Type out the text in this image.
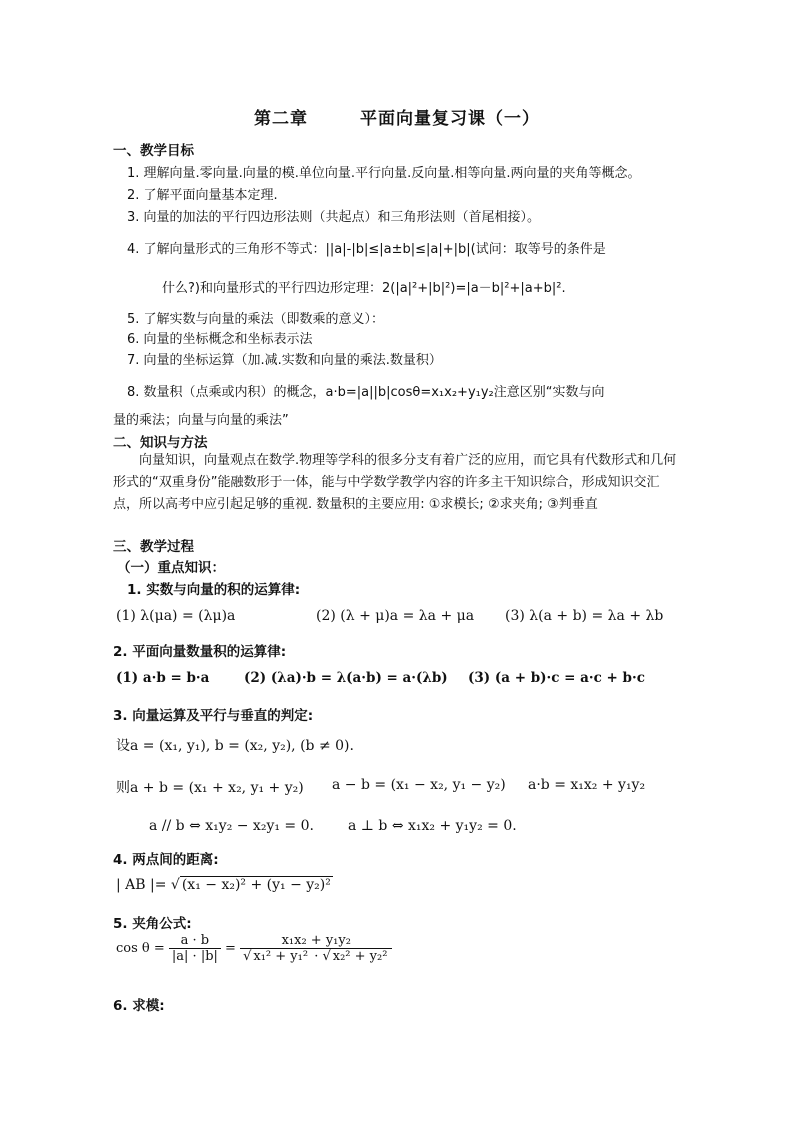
第二章	平面向量复习课（一）
一、教学目标
1. 理解向量.零向量.向量的模.单位向量.平行向量.反向量.相等向量.两向量的夹角等概念。
2. 了解平面向量基本定理.
3. 向量的加法的平行四边形法则（共起点）和三角形法则（首尾相接）。
4. 了解向量形式的三角形不等式：||a|-|b|≤|a±b|≤|a|+|b|(试问：取等号的条件是
什么?)和向量形式的平行四边形定理：2(|a|²+|b|²)=|a－b|²+|a+b|².
5. 了解实数与向量的乘法（即数乘的意义）：
6. 向量的坐标概念和坐标表示法
7. 向量的坐标运算（加.减.实数和向量的乘法.数量积）
8. 数量积（点乘或内积）的概念，a·b=|a||b|cosθ=x₁x₂+y₁y₂注意区别“实数与向
量的乘法；向量与向量的乘法”
二、知识与方法
向量知识，向量观点在数学.物理等学科的很多分支有着广泛的应用，而它具有代数形式和几何形式的“双重身份”能融数形于一体，能与中学数学教学内容的许多主干知识综合，形成知识交汇点，所以高考中应引起足够的重视. 数量积的主要应用: ①求模长; ②求夹角; ③判垂直
三、教学过程
（一）重点知识：
1. 实数与向量的积的运算律:
(1) λ(μa) = (λμ)a	(2) (λ + μ)a = λa + μa (3) λ(a + b) = λa + λb
2. 平面向量数量积的运算律:
(1) a·b = b·a	(2) (λa)·b = λ(a·b) = a·(λb) (3) (a + b)·c = a·c + b·c
3. 向量运算及平行与垂直的判定:
设a = (x₁, y₁), b = (x₂, y₂), (b ≠ 0).
则a + b = (x₁ + x₂, y₁ + y₂) a − b = (x₁ − x₂, y₁ − y₂) a·b = x₁x₂ + y₁y₂
a // b ⇔ x₁y₂ − x₂y₁ = 0. a ⊥ b ⇔ x₁x₂ + y₁y₂ = 0.
4. 两点间的距离:
| AB |= √ (x₁ − x₂)² + (y₁ − y₂)²
5. 夹角公式:
$\cos \theta = \frac{a \cdot b}{|a| \cdot |b|} = \frac{\text{x₁x₂ + y₁y₂}}{\text{√ x₁² + y₁² · √ x₂² + y₂²}}$
6. 求模:
